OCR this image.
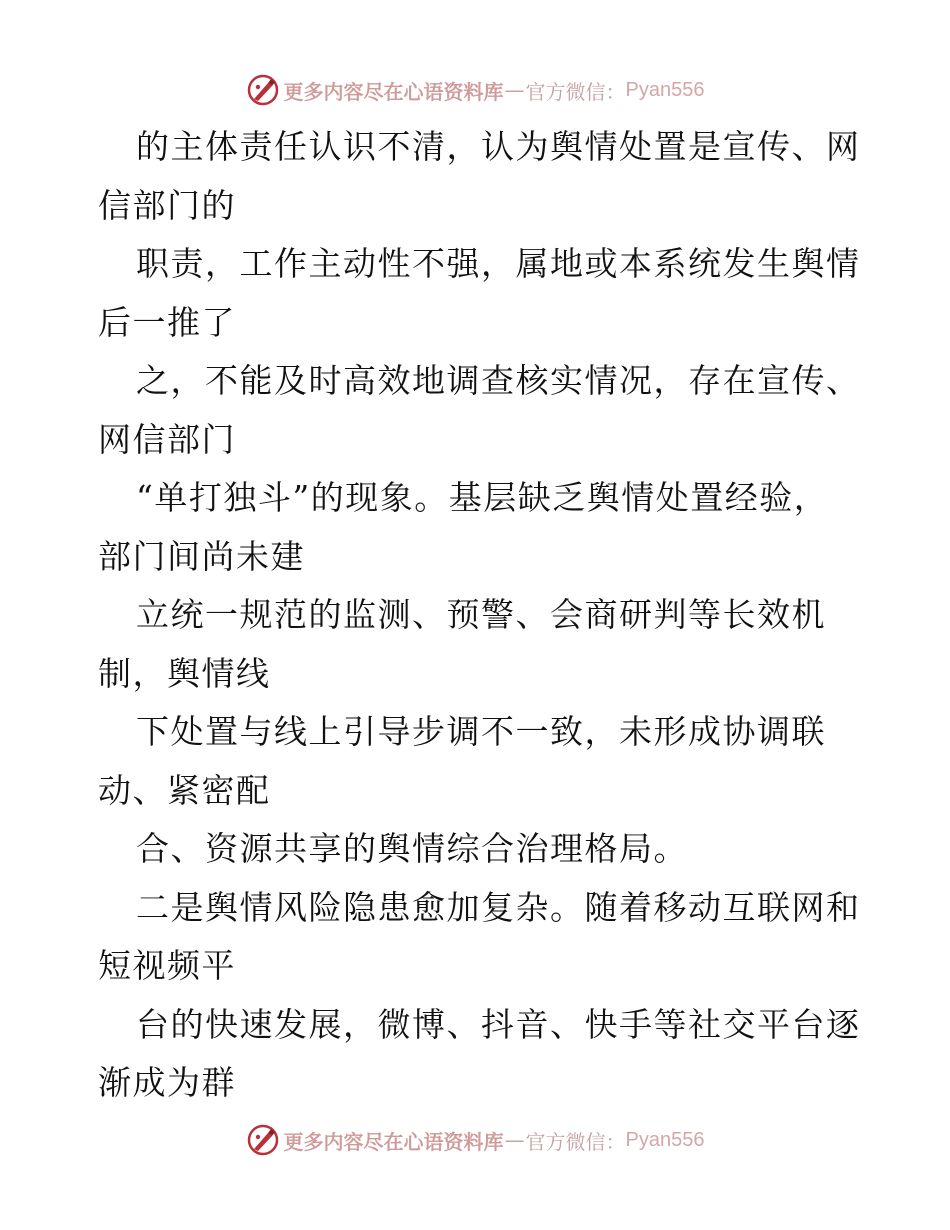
更多内容尽在心语资料库 — 官方微信： Pyan556
的主体责任认识不清，认为舆情处置是宣传、网
信部门的
职责，工作主动性不强，属地或本系统发生舆情
后一推了
之，不能及时高效地调查核实情况，存在宣传、
网信部门
“单打独斗”的现象。基层缺乏舆情处置经验，
部门间尚未建
立统一规范的监测、预警、会商研判等长效机
制，舆情线
下处置与线上引导步调不一致，未形成协调联
动、紧密配
合、资源共享的舆情综合治理格局。
二是舆情风险隐患愈加复杂。随着移动互联网和
短视频平
台的快速发展，微博、抖音、快手等社交平台逐
渐成为群
更多内容尽在心语资料库 — 官方微信： Pyan556
